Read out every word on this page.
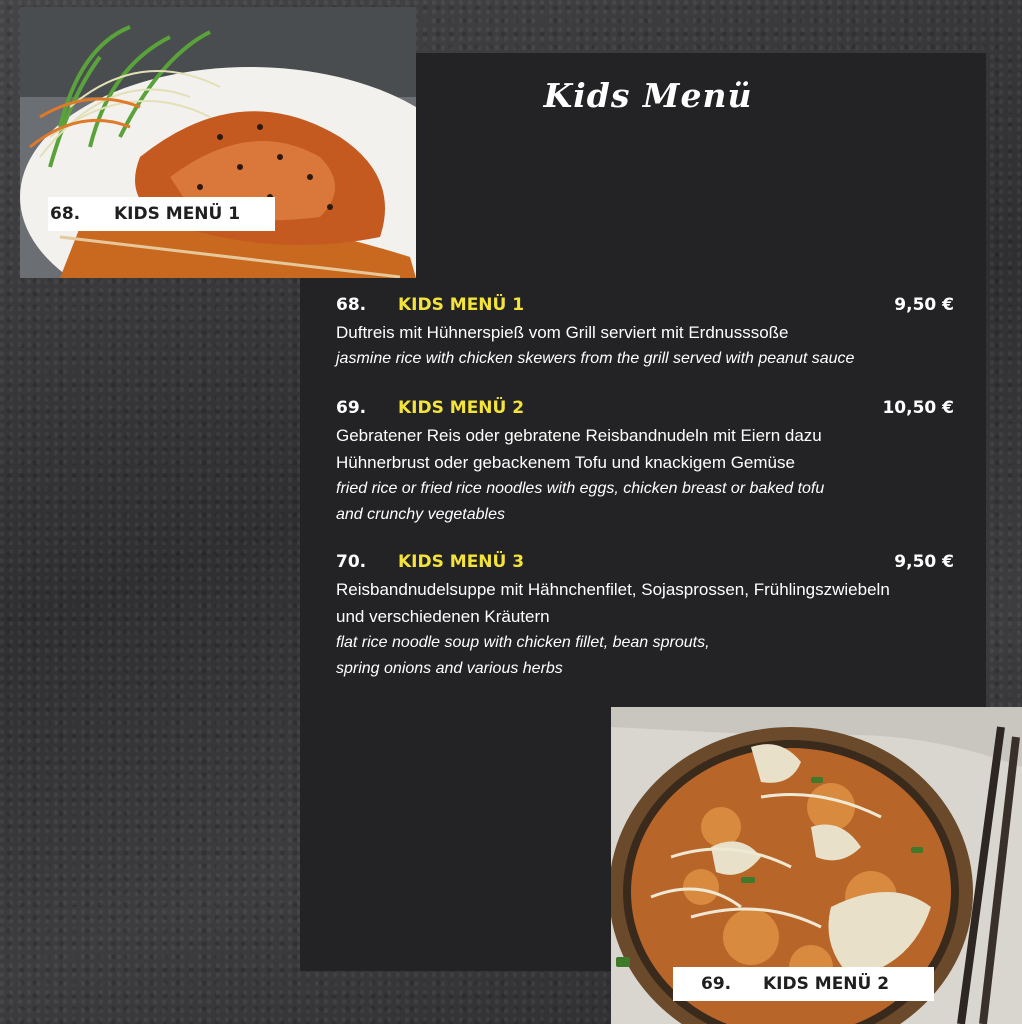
Kids Menü
68.	KIDS MENÜ 1
68.	KIDS MENÜ 1	9,50 €
Duftreis mit Hühnerspieß vom Grill serviert mit Erdnusssoße
jasmine rice with chicken skewers from the grill served with peanut sauce
69.	KIDS MENÜ 2	10,50 €
Gebratener Reis oder gebratene Reisbandnudeln mit Eiern dazu
Hühnerbrust oder gebackenem Tofu und knackigem Gemüse
fried rice or fried rice noodles with eggs, chicken breast or baked tofu
and crunchy vegetables
70.	KIDS MENÜ 3	9,50 €
Reisbandnudelsuppe mit Hähnchenfilet, Sojasprossen, Frühlingszwiebeln
und verschiedenen Kräutern
flat rice noodle soup with chicken fillet, bean sprouts,
spring onions and various herbs
69.	KIDS MENÜ 2
